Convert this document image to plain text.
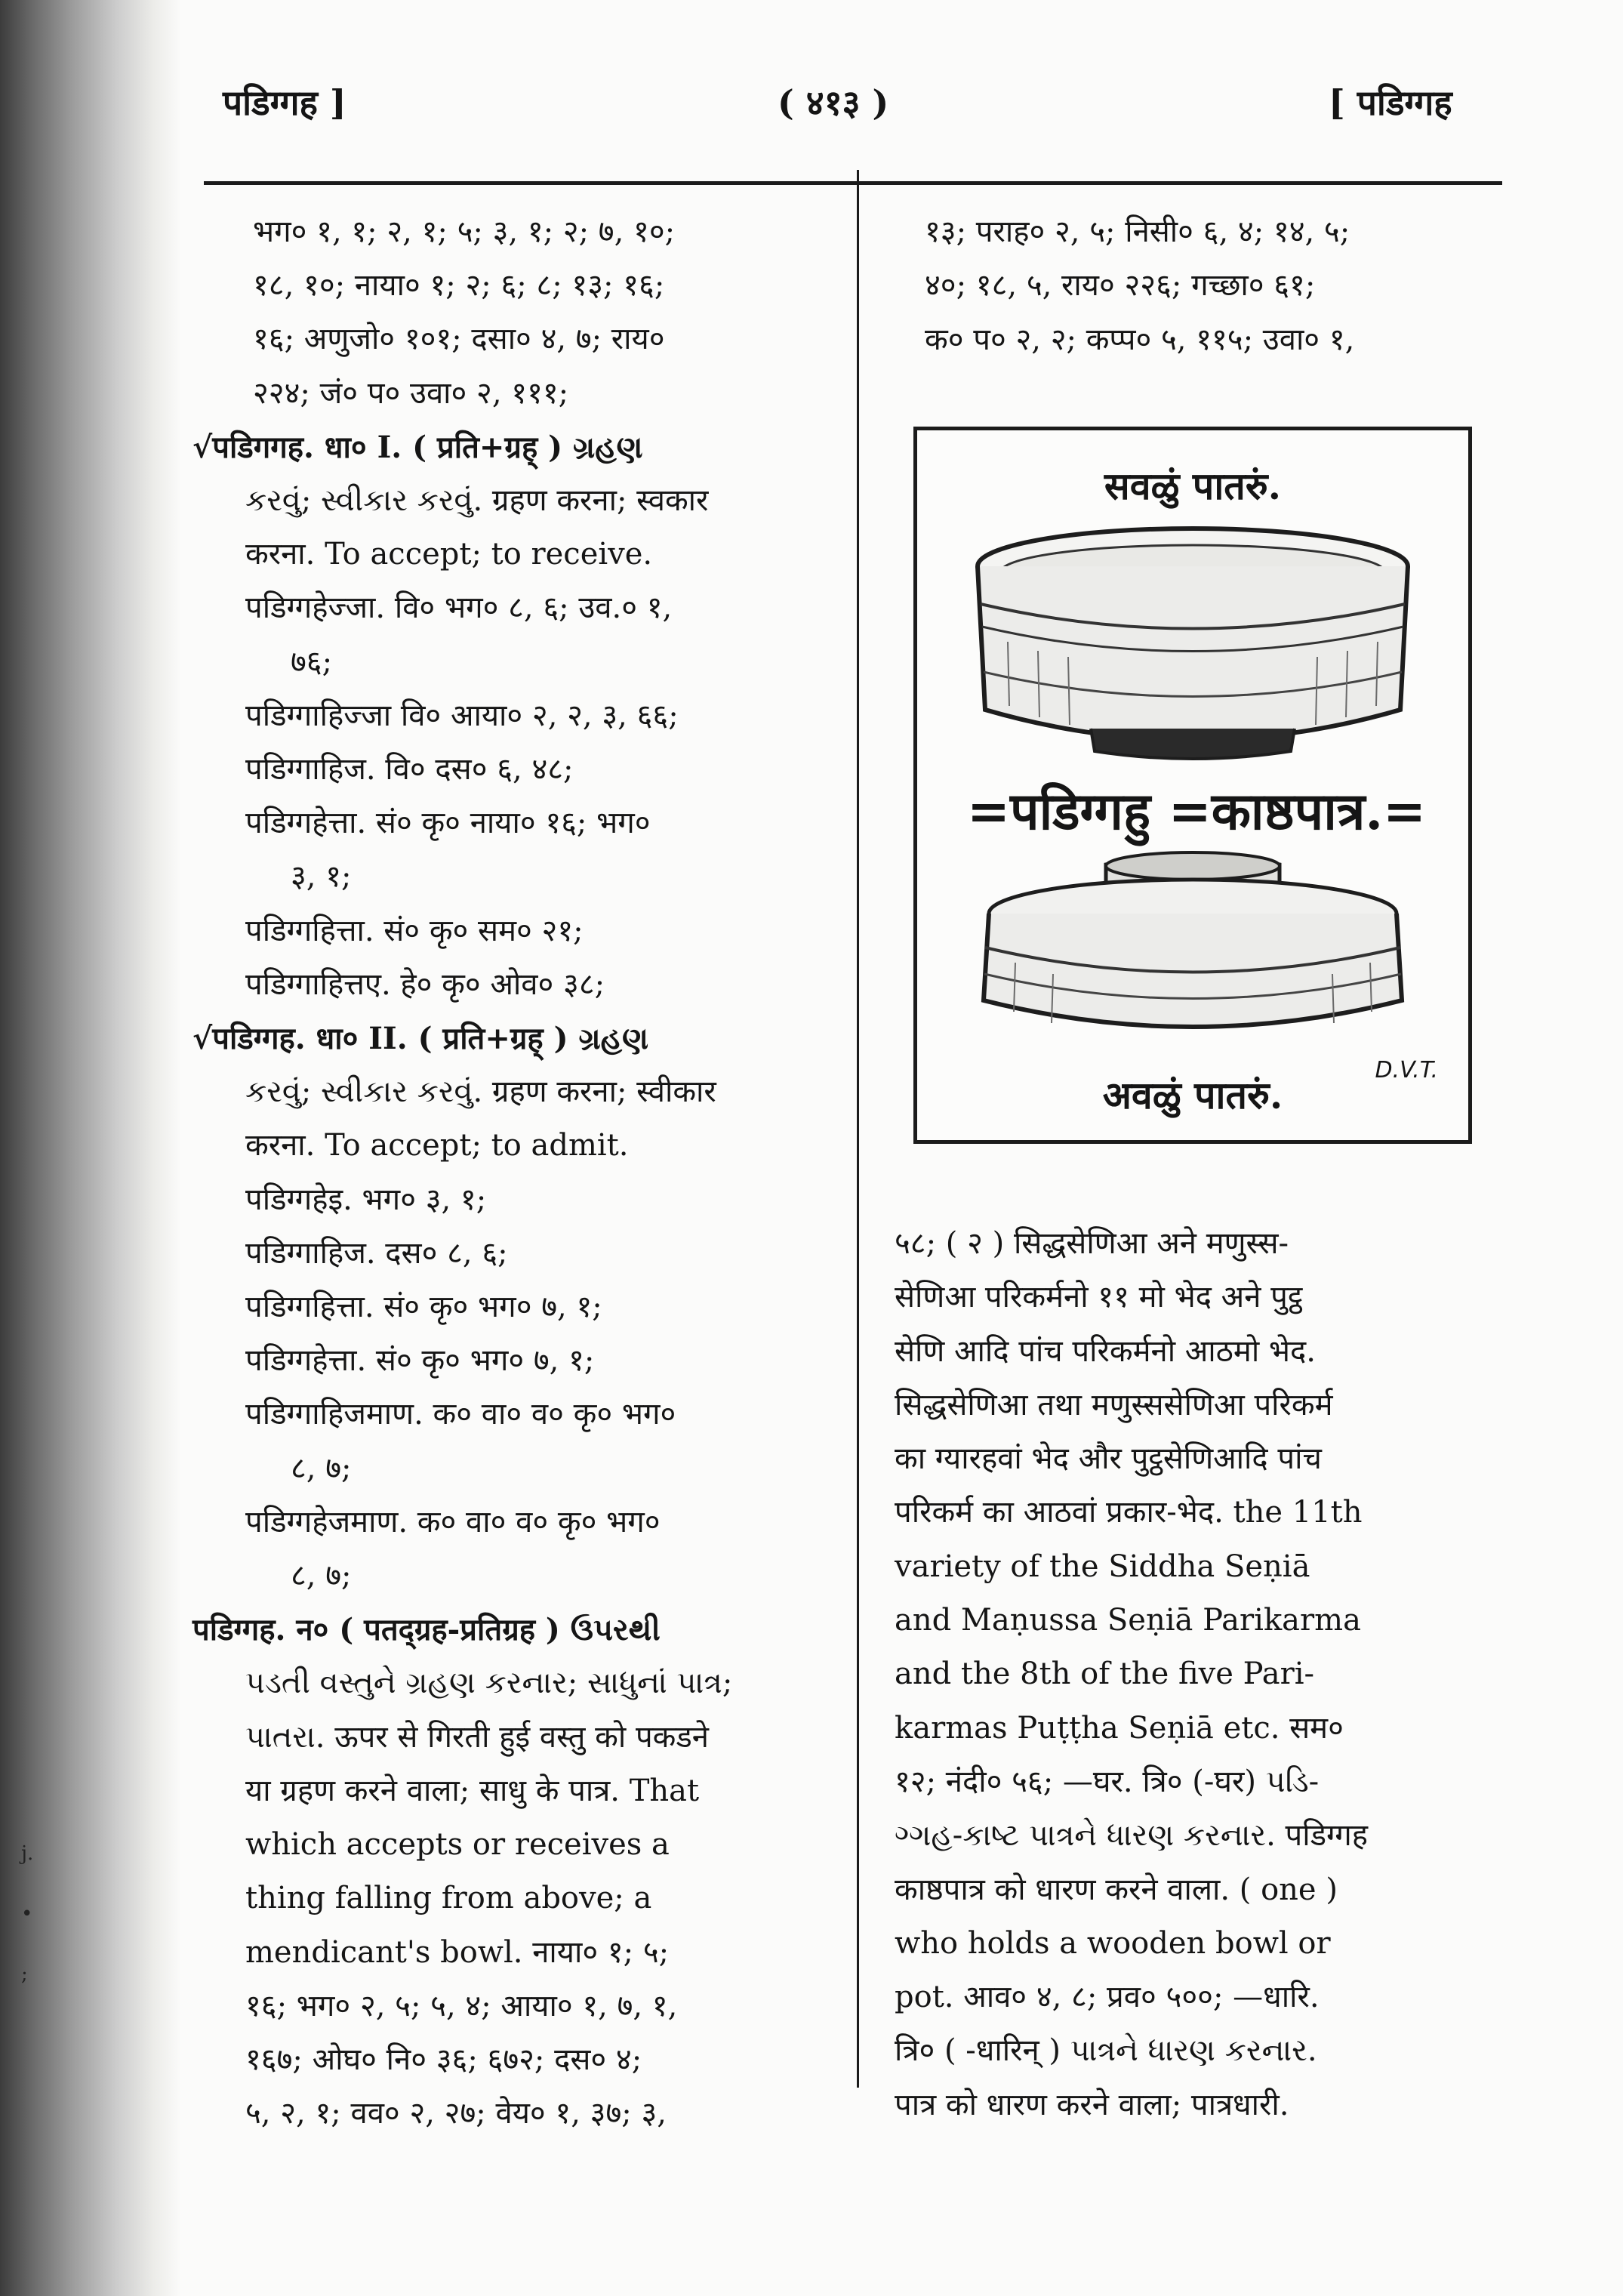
j.
•
;
पडिग्गह ]	( ४१३ )	[ पडिग्गह

भग० १, १; २, १; ५; ३, १; २; ७, १०;

१८, १०; नाया० १; २; ६; ८; १३; १६;

१६; अणुजो० १०१; दसा० ४, ७; राय०

२२४; जं० प० उवा० २, १११;

√पडिगगह. धा० I. ( प्रति+ग्रह् ) ગ્રહણ

કરવું; સ્વીકાર કરવું. ग्रहण करना; स्वकार

करना. To accept; to receive.

पडिग्गहेज्जा. वि० भग० ८, ६; उव.० १,

७६;

पडिग्गाहिज्जा वि० आया० २, २, ३, ६६;

पडिग्गाहिज. वि० दस० ६, ४८;

पडिग्गहेत्ता. सं० कृ० नाया० १६; भग०

३, १;

पडिग्गहित्ता. सं० कृ० सम० २१;

पडिग्गाहित्तए. हे० कृ० ओव० ३८;

√पडिग्गह. धा० II. ( प्रति+ग्रह् ) ગ્રહણ

કરવું; સ્વીકાર કરવું. ग्रहण करना; स्वीकार

करना. To accept; to admit.

पडिग्गहेइ. भग० ३, १;

पडिग्गाहिज. दस० ८, ६;

पडिग्गहित्ता. सं० कृ० भग० ७, १;

पडिग्गहेत्ता. सं० कृ० भग० ७, १;

पडिग्गाहिजमाण. क० वा० व० कृ० भग०

८, ७;

पडिग्गहेजमाण. क० वा० व० कृ० भग०

८, ७;

पडिग्गह. न० ( पतद्ग्रह-प्रतिग्रह ) ઉપરથી

પડતી વસ્તુને ગ્રહણ કરનાર; સાધુનાં પાત્ર;

પાતરા. ऊपर से गिरती हुई वस्तु को पकडने

या ग्रहण करने वाला; साधु के पात्र. That

which accepts or receives a

thing falling from above; a

mendicant's bowl. नाया० १; ५;

१६; भग० २, ५; ५, ४; आया० १, ७, १,

१६७; ओघ० नि० ३६; ६७२; दस० ४;

५, २, १; वव० २, २७; वेय० १, ३७; ३,

१३; पराह० २, ५; निसी० ६, ४; १४, ५;

४०; १८, ५, राय० २२६; गच्छा० ६१;

क० प० २, २; कप्प० ५, ११५; उवा० १,

५८; ( २ ) सिद्धसेणिआ अने मणुस्स-

सेणिआ परिकर्मनो ११ मो भेद अने पुट्ठ

सेणि आदि पांच परिकर्मनो आठमो भेद.

सिद्धसेणिआ तथा मणुस्ससेणिआ परिकर्म

का ग्यारहवां भेद और पुट्ठसेणिआदि पांच

परिकर्म का आठवां प्रकार-भेद. the 11th

variety of the Siddha Seṇiā

and Maṇussa Seṇiā Parikarma

and the 8th of the five Pari-

karmas Puṭṭha Seṇiā etc. सम०

१२; नंदी० ५६; —घर. त्रि० (-घर) પડિ-

ગ્ગહ-કાષ્ટ પાત્રને ધારણ કરનાર. पडिग्गह

काष्ठपात्र को धारण करने वाला. ( one )

who holds a wooden bowl or

pot. आव० ४, ८; प्रव० ५००; —धारि.

त्रि० ( -धारिन् ) પાત્રને ધારણ કરનાર.

पात्र को धारण करने वाला; पात्रधारी.

सवळुं पातरुं.
=पडिग्गहु =काष्ठपात्र.=
D.V.T.
अवळुं पातरुं.
